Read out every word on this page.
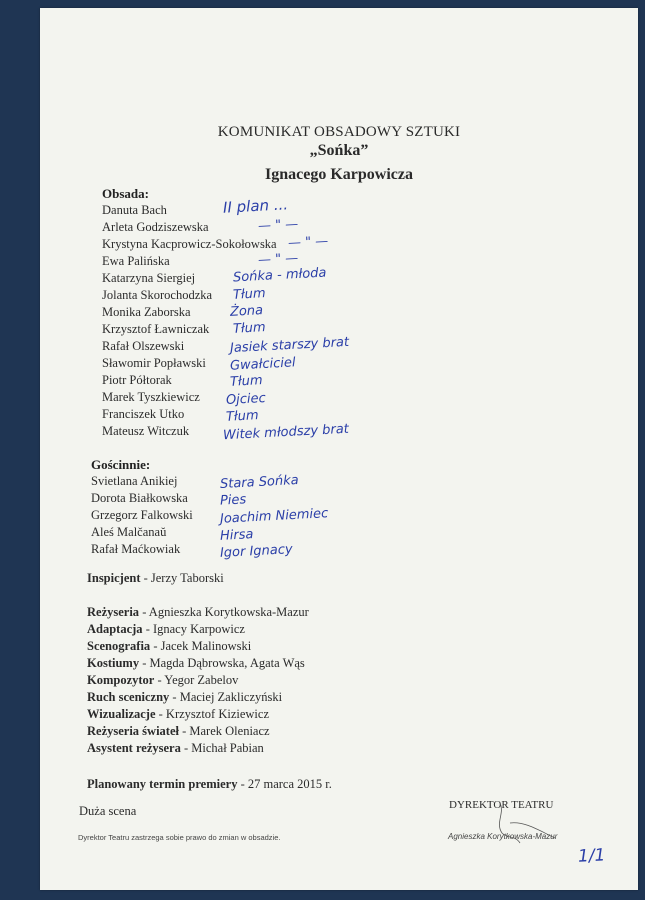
KOMUNIKAT OBSADOWY SZTUKI
„Sońka”
Ignacego Karpowicza
Obsada:
Danuta Bach	II plan ...
Arleta Godziszewska	— " —
Krystyna Kacprowicz-Sokołowska — " —
Ewa Palińska	— " —
Katarzyna Siergiej	Sońka - młoda
Jolanta Skorochodzka Tłum
Monika Zaborska	Żona
Krzysztof Ławniczak Tłum
Rafał Olszewski	Jasiek starszy brat
Sławomir Popławski Gwałciciel
Piotr Półtorak	Tłum
Marek Tyszkiewicz Ojciec
Franciszek Utko	Tłum
Mateusz Witczuk	Witek młodszy brat
Gościnnie:
Svietlana Anikiej	Stara Sońka
Dorota Białkowska Pies
Grzegorz Falkowski Joachim Niemiec
Aleś Malčanaŭ	Hirsa
Rafał Maćkowiak	Igor Ignacy
Inspicjent - Jerzy Taborski
Reżyseria - Agnieszka Korytkowska-Mazur
Adaptacja - Ignacy Karpowicz
Scenografia - Jacek Malinowski
Kostiumy - Magda Dąbrowska, Agata Wąs
Kompozytor - Yegor Zabelov
Ruch sceniczny - Maciej Zakliczyński
Wizualizacje - Krzysztof Kiziewicz
Reżyseria świateł - Marek Oleniacz
Asystent reżysera - Michał Pabian
Planowany termin premiery - 27 marca 2015 r.
Duża scena
Dyrektor Teatru zastrzega sobie prawo do zmian w obsadzie.
DYREKTOR TEATRU
Agnieszka Korytkowska-Mazur
1/1
